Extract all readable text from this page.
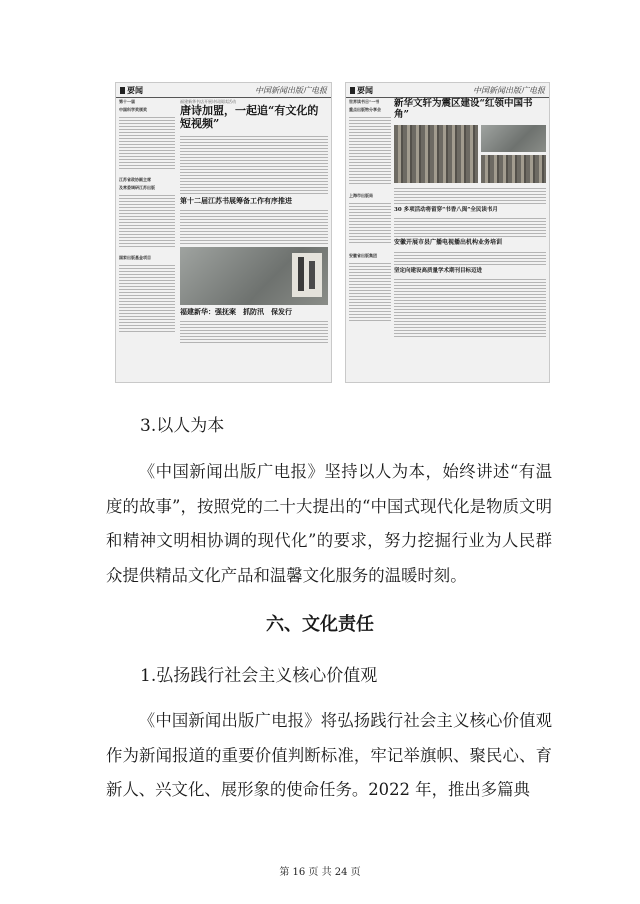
要闻	中国新闻出版广电报
第十一届
中国科学奖颁奖
江苏省政协副主席
及常委调研江苏出版
国家出版基金项目
福建新华书店开展诗词阅读活动
唐诗加盟，一起追“有文化的短视频”
第十二届江苏书展筹备工作有序推进
福建新华：强抚案　抓防汛　保发行
要闻	中国新闻出版广电报
世界读书日“一书
重点出版物分享会
上海市出版局
安徽省出版集团
新华文轩为震区建设“红领中国书角”
30 多项活动将留穿“书香八闽”全民读书月
安徽开展市县广播电视播出机构业务培训
坚定向建设高质量学术期刊目标迈进
3.以人为本

《中国新闻出版广电报》坚持以人为本，始终讲述“有温度的故事”，按照党的二十大提出的“中国式现代化是物质文明和精神文明相协调的现代化”的要求，努力挖掘行业为人民群众提供精品文化产品和温馨文化服务的温暖时刻。

六、文化责任
1.弘扬践行社会主义核心价值观

《中国新闻出版广电报》将弘扬践行社会主义核心价值观作为新闻报道的重要价值判断标准，牢记举旗帜、聚民心、育新人、兴文化、展形象的使命任务。2022 年，推出多篇典

第 16 页 共 24 页
